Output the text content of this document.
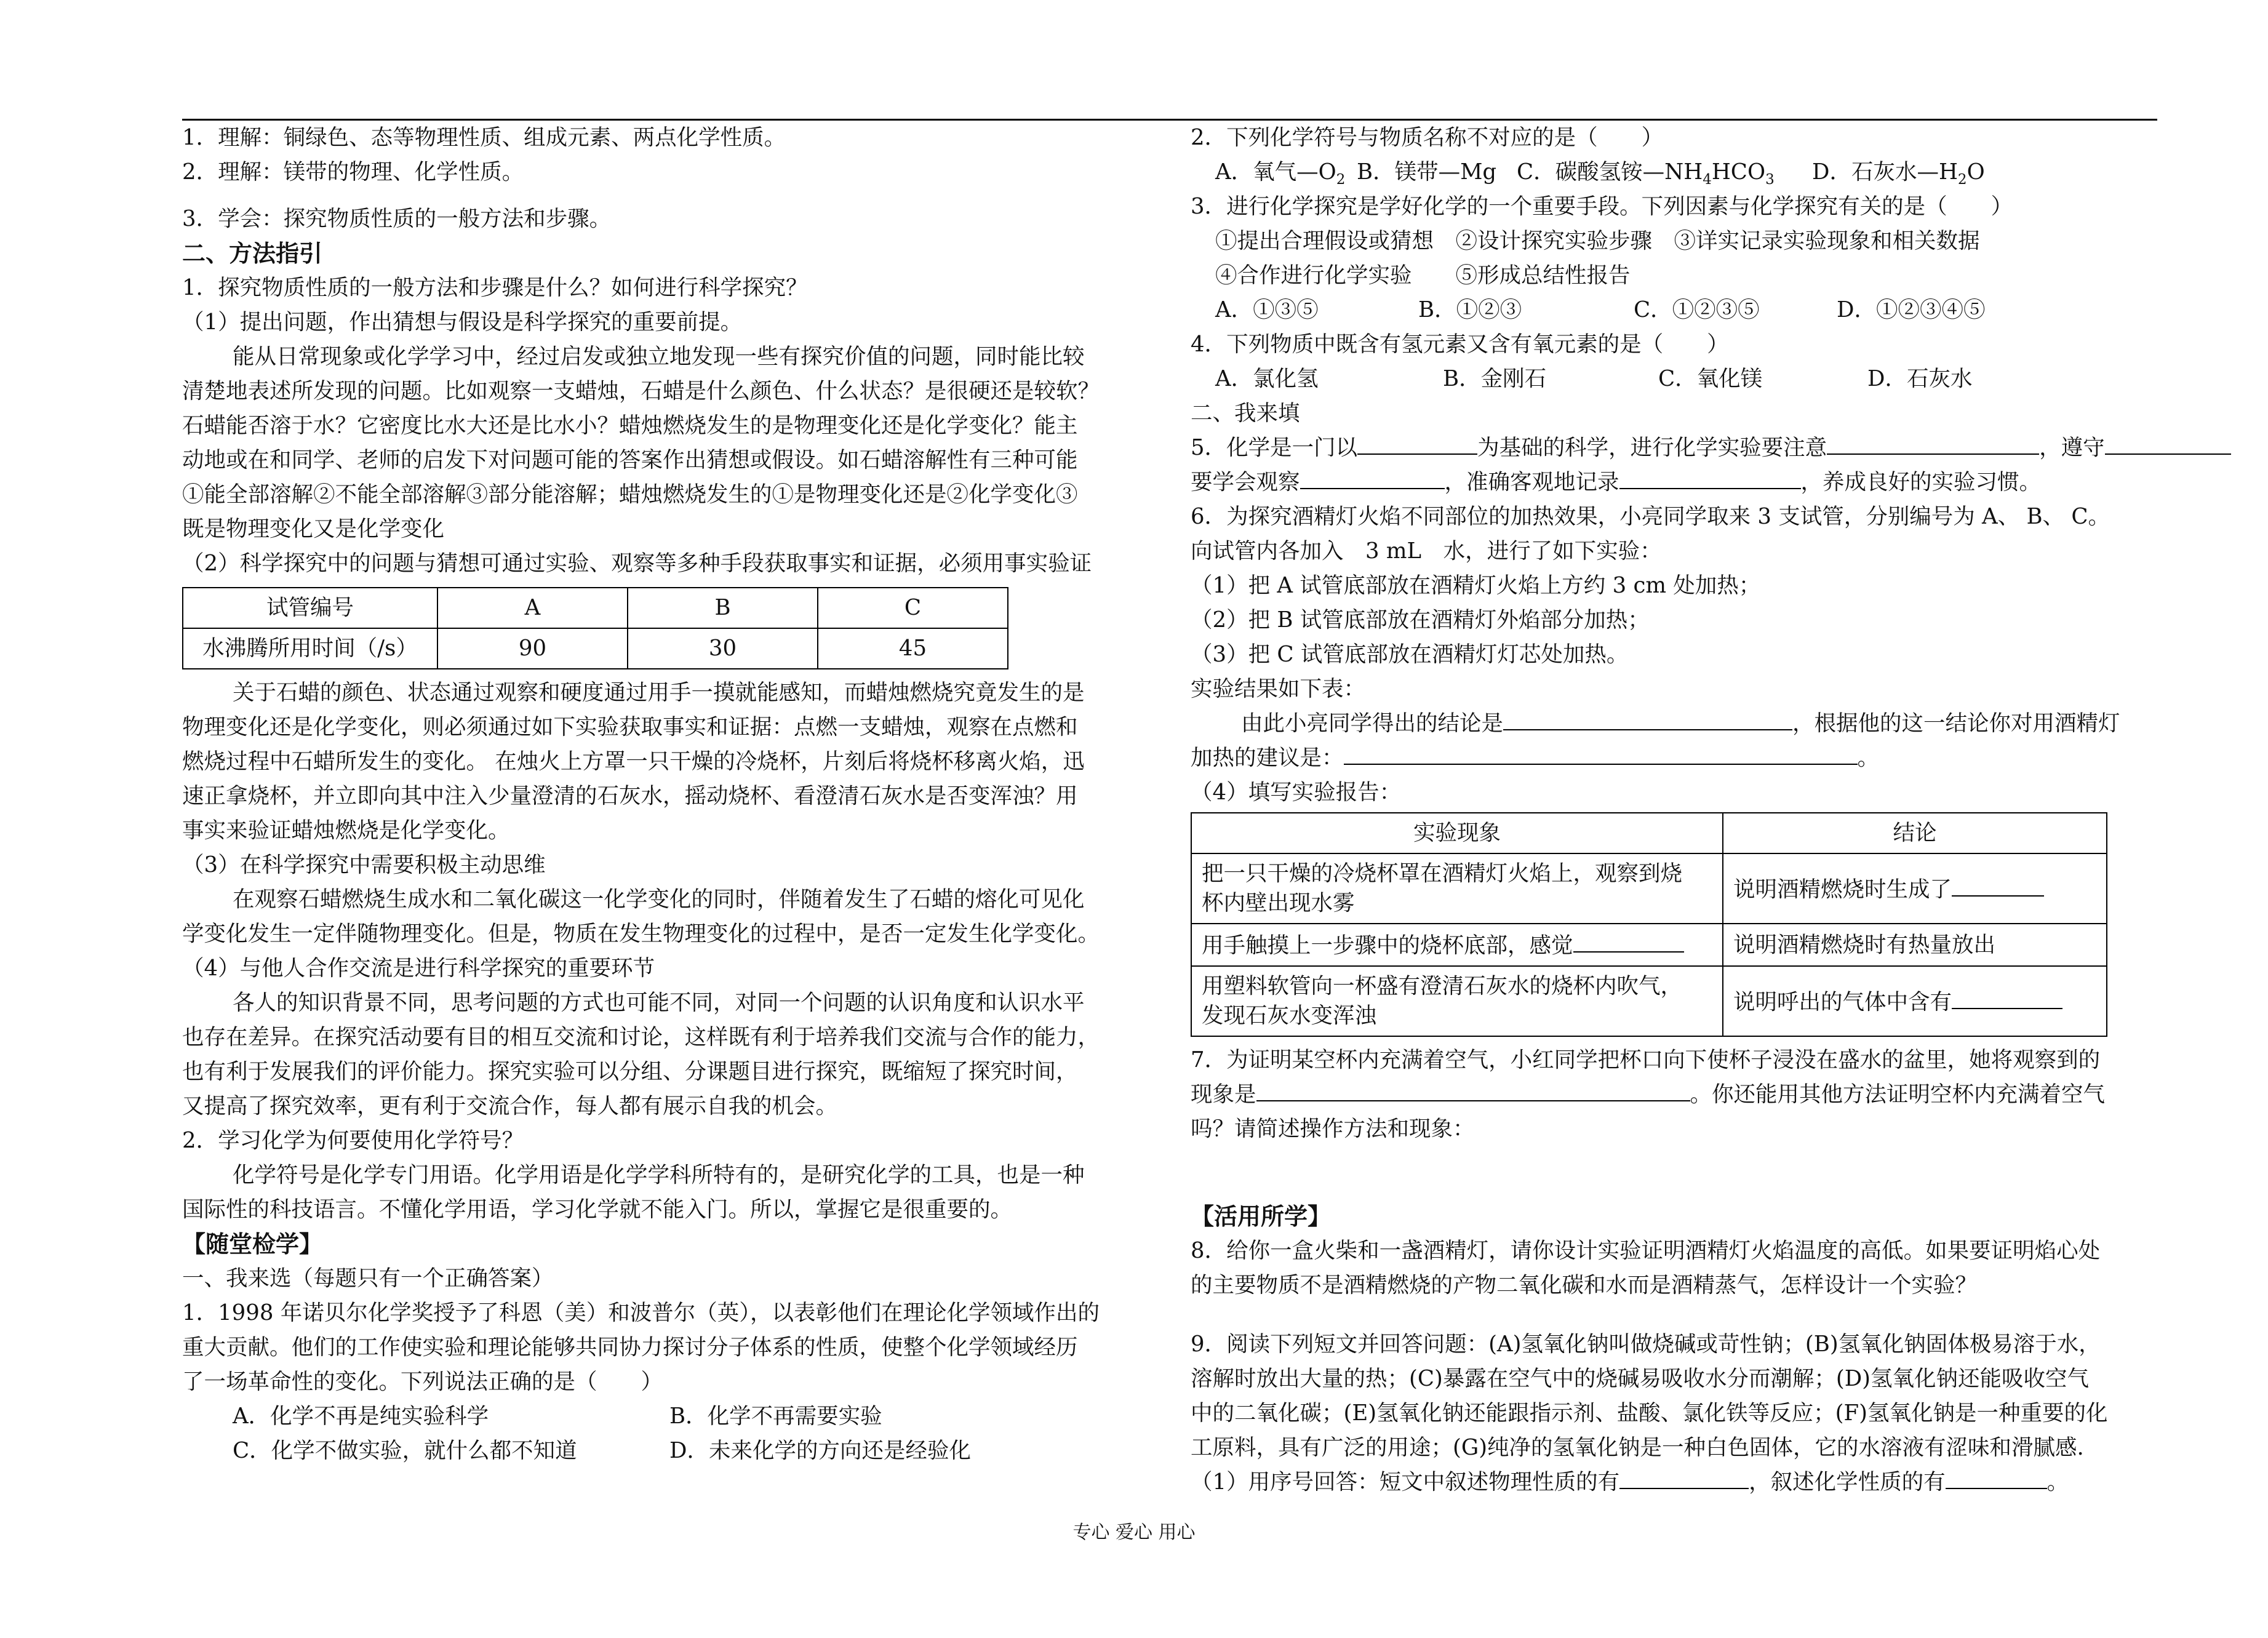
1．理解：铜绿色、态等物理性质、组成元素、两点化学性质。

2．理解：镁带的物理、化学性质。

3．学会：探究物质性质的一般方法和步骤。

二、方法指引

1．探究物质性质的一般方法和步骤是什么？如何进行科学探究？

（1）提出问题，作出猜想与假设是科学探究的重要前提。

能从日常现象或化学学习中，经过启发或独立地发现一些有探究价值的问题，同时能比较

清楚地表述所发现的问题。比如观察一支蜡烛，石蜡是什么颜色、什么状态？是很硬还是较软？

石蜡能否溶于水？它密度比水大还是比水小？蜡烛燃烧发生的是物理变化还是化学变化？能主

动地或在和同学、老师的启发下对问题可能的答案作出猜想或假设。如石蜡溶解性有三种可能

①能全部溶解②不能全部溶解③部分能溶解；蜡烛燃烧发生的①是物理变化还是②化学变化③

既是物理变化又是化学变化

（2）科学探究中的问题与猜想可通过实验、观察等多种手段获取事实和证据，必须用事实验证

试管编号	A	B	C
水沸腾所用时间（/s）	90	30	45

关于石蜡的颜色、状态通过观察和硬度通过用手一摸就能感知，而蜡烛燃烧究竟发生的是

物理变化还是化学变化，则必须通过如下实验获取事实和证据：点燃一支蜡烛，观察在点燃和

燃烧过程中石蜡所发生的变化。 在烛火上方罩一只干燥的冷烧杯，片刻后将烧杯移离火焰，迅

速正拿烧杯，并立即向其中注入少量澄清的石灰水，摇动烧杯、看澄清石灰水是否变浑浊？用

事实来验证蜡烛燃烧是化学变化。

（3）在科学探究中需要积极主动思维

在观察石蜡燃烧生成水和二氧化碳这一化学变化的同时，伴随着发生了石蜡的熔化可见化

学变化发生一定伴随物理变化。但是，物质在发生物理变化的过程中，是否一定发生化学变化。

（4）与他人合作交流是进行科学探究的重要环节

各人的知识背景不同，思考问题的方式也可能不同，对同一个问题的认识角度和认识水平

也存在差异。在探究活动要有目的相互交流和讨论，这样既有利于培养我们交流与合作的能力，

也有利于发展我们的评价能力。探究实验可以分组、分课题目进行探究，既缩短了探究时间，

又提高了探究效率，更有利于交流合作，每人都有展示自我的机会。

2．学习化学为何要使用化学符号？

化学符号是化学专门用语。化学用语是化学学科所特有的，是研究化学的工具，也是一种

国际性的科技语言。不懂化学用语，学习化学就不能入门。所以，掌握它是很重要的。

【随堂检学】

一、我来选（每题只有一个正确答案）

1．1998 年诺贝尔化学奖授予了科恩（美）和波普尔（英），以表彰他们在理论化学领域作出的

重大贡献。他们的工作使实验和理论能够共同协力探讨分子体系的性质，使整个化学领域经历

了一场革命性的变化。下列说法正确的是（　　）

A．化学不再是纯实验科学	B．化学不再需要实验

C．化学不做实验，就什么都不知道	D．未来化学的方向还是经验化

2．下列化学符号与物质名称不对应的是（　　）

A．氧气$—O_2$ B．镁带—Mg C．碳酸氢铵$—NH_4HCO_3$ D．石灰水$—H_2O$

3．进行化学探究是学好化学的一个重要手段。下列因素与化学探究有关的是（　　）

①提出合理假设或猜想　②设计探究实验步骤　③详实记录实验现象和相关数据

④合作进行化学实验　　⑤形成总结性报告

A．①③⑤	B．①②③	C．①②③⑤	D．①②③④⑤

4．下列物质中既含有氢元素又含有氧元素的是（　　）

A．氯化氢	B．金刚石	C．氧化镁	D．石灰水

二、我来填

5．化学是一门以	为基础的科学，进行化学实验要注意	，遵守

要学会观察	，准确客观地记录	，养成良好的实验习惯。

6．为探究酒精灯火焰不同部位的加热效果，小亮同学取来 3 支试管，分别编号为 A、 B、 C。

向试管内各加入　3 mL　水，进行了如下实验：

（1）把 A 试管底部放在酒精灯火焰上方约 3 cm 处加热；

（2）把 B 试管底部放在酒精灯外焰部分加热；

（3）把 C 试管底部放在酒精灯灯芯处加热。

实验结果如下表：

由此小亮同学得出的结论是	，根据他的这一结论你对用酒精灯

加热的建议是：	。

（4）填写实验报告：

实验现象	结论

把一只干燥的冷烧杯罩在酒精灯火焰上，观察到烧
杯内壁出现水雾	说明酒精燃烧时生成了
用手触摸上一步骤中的烧杯底部，感觉	说明酒精燃烧时有热量放出

用塑料软管向一杯盛有澄清石灰水的烧杯内吹气，
发现石灰水变浑浊	说明呼出的气体中含有

7．为证明某空杯内充满着空气，小红同学把杯口向下使杯子浸没在盛水的盆里，她将观察到的

现象是	。你还能用其他方法证明空杯内充满着空气

吗？请简述操作方法和现象：

【活用所学】

8．给你一盒火柴和一盏酒精灯，请你设计实验证明酒精灯火焰温度的高低。如果要证明焰心处

的主要物质不是酒精燃烧的产物二氧化碳和水而是酒精蒸气，怎样设计一个实验？

9．阅读下列短文并回答问题：(A)氢氧化钠叫做烧碱或苛性钠；(B)氢氧化钠固体极易溶于水，

溶解时放出大量的热；(C)暴露在空气中的烧碱易吸收水分而潮解；(D)氢氧化钠还能吸收空气

中的二氧化碳；(E)氢氧化钠还能跟指示剂、盐酸、氯化铁等反应；(F)氢氧化钠是一种重要的化

工原料，具有广泛的用途；(G)纯净的氢氧化钠是一种白色固体，它的水溶液有涩味和滑腻感.

（1）用序号回答：短文中叙述物理性质的有	，叙述化学性质的有	。

专心 爱心 用心
